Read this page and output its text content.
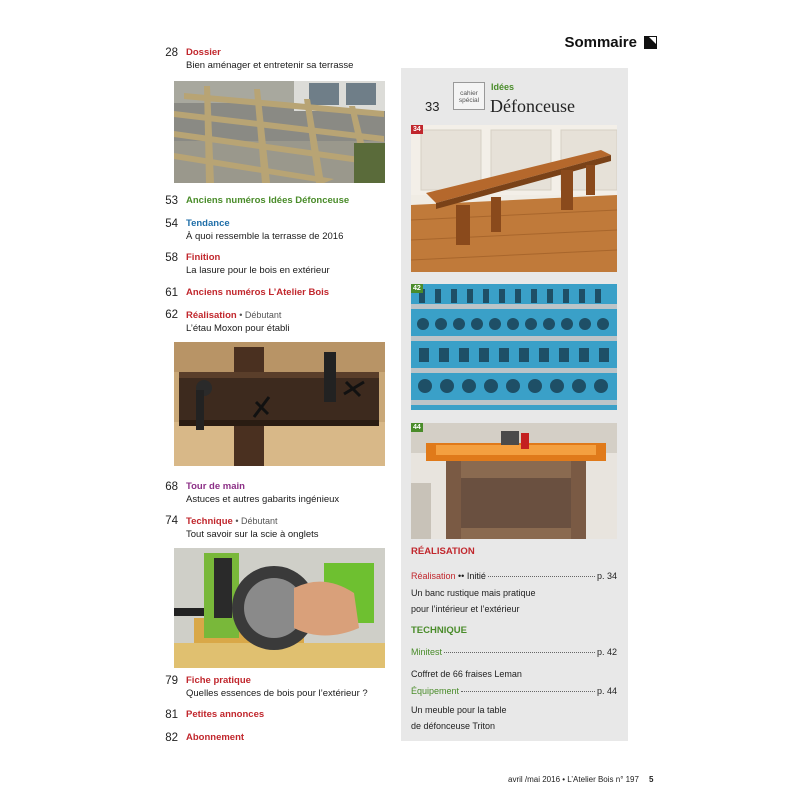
Sommaire
28 Dossier
Bien aménager et entretenir sa terrasse
53 Anciens numéros Idées Défonceuse
54 Tendance
À quoi ressemble la terrasse de 2016
58 Finition
La lasure pour le bois en extérieur
61 Anciens numéros L’Atelier Bois
62 Réalisation • Débutant
L’étau Moxon pour établi
68 Tour de main
Astuces et autres gabarits ingénieux
74 Technique • Débutant
Tout savoir sur la scie à onglets
79 Fiche pratique
Quelles essences de bois pour l’extérieur ?
81 Petites annonces
82 Abonnement
cahier spécial
Idées
Défonceuse
33
34
42
44
RÉALISATION
Réalisation •• Initié	p. 34
Un banc rustique mais pratique
pour l’intérieur et l’extérieur
TECHNIQUE
Minitest	p. 42
Coffret de 66 fraises Leman
Équipement	p. 44
Un meuble pour la table
de défonceuse Triton
avril /mai 2016 • L’Atelier Bois n° 197 5
